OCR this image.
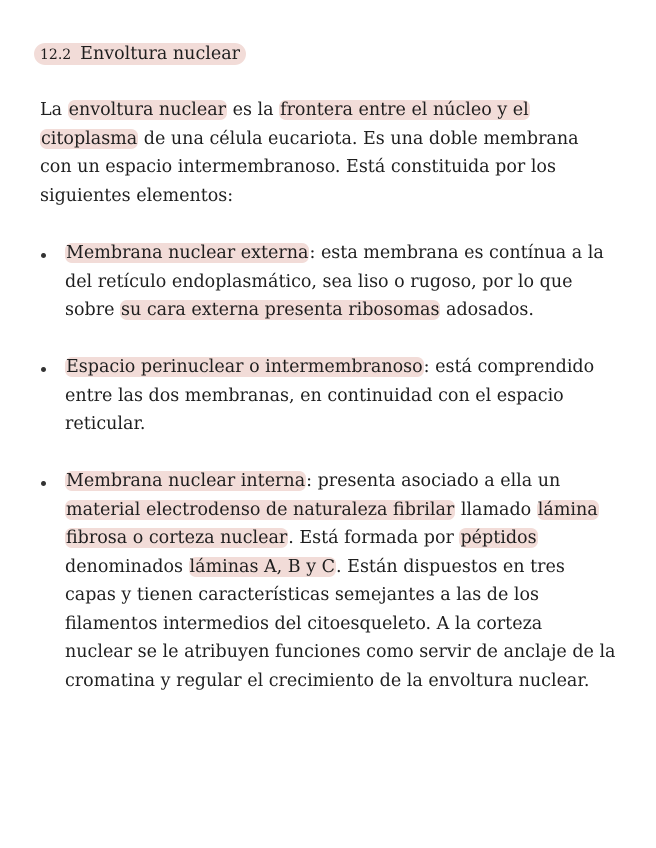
12.2 Envoltura nuclear
La envoltura nuclear es la frontera entre el núcleo y el
citoplasma de una célula eucariota. Es una doble membrana
con un espacio intermembranoso. Está constituida por los
siguientes elementos:
Membrana nuclear externa: esta membrana es contínua a la
del retículo endoplasmático, sea liso o rugoso, por lo que
sobre su cara externa presenta ribosomas adosados.
Espacio perinuclear o intermembranoso: está comprendido
entre las dos membranas, en continuidad con el espacio
reticular.
Membrana nuclear interna: presenta asociado a ella un
material electrodenso de naturaleza fibrilar llamado lámina
fibrosa o corteza nuclear. Está formada por péptidos
denominados láminas A, B y C. Están dispuestos en tres
capas y tienen características semejantes a las de los
filamentos intermedios del citoesqueleto. A la corteza
nuclear se le atribuyen funciones como servir de anclaje de la
cromatina y regular el crecimiento de la envoltura nuclear.
